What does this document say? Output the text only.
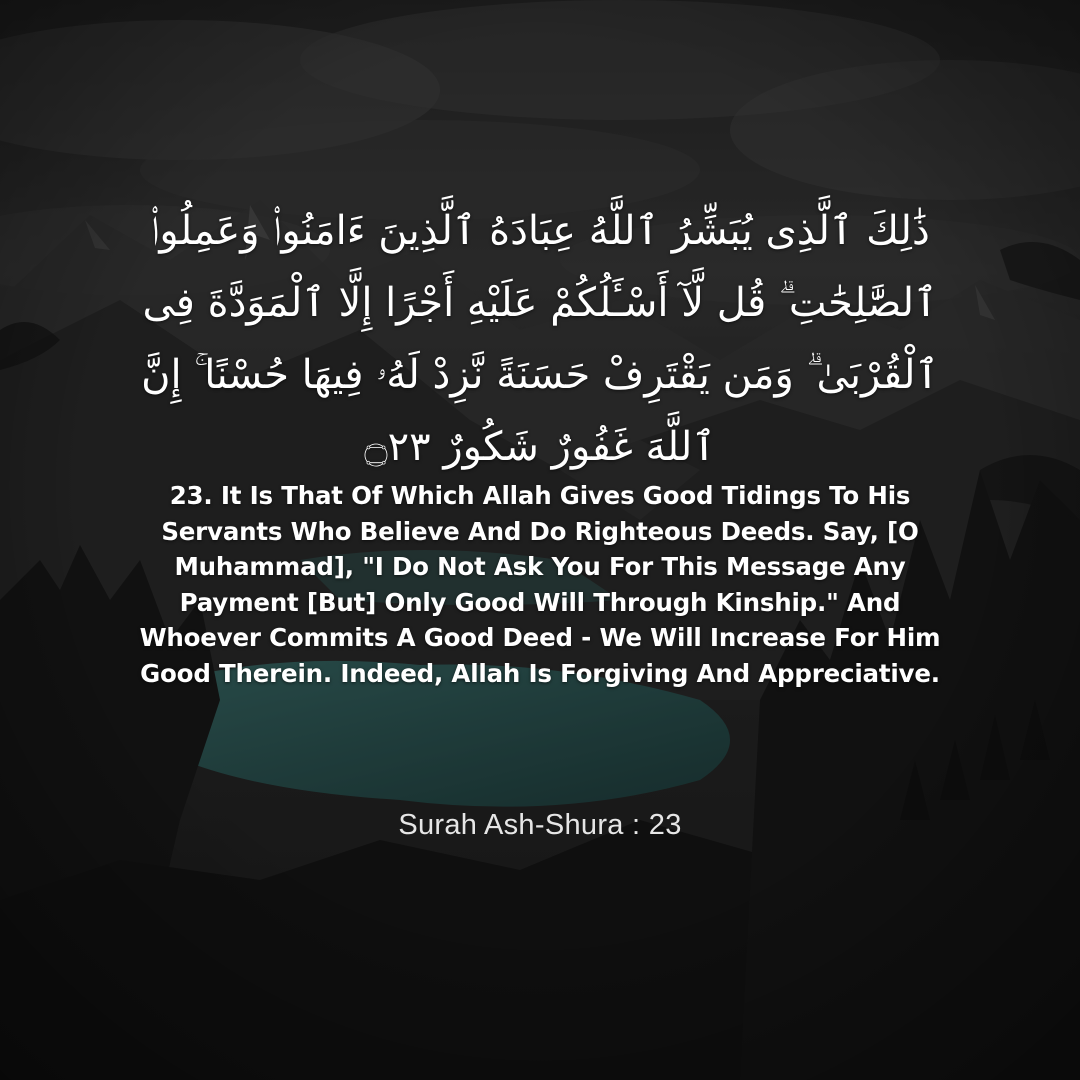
ذَٰلِكَ ٱلَّذِى يُبَشِّرُ ٱللَّهُ عِبَادَهُ ٱلَّذِينَ ءَامَنُوا۟ وَعَمِلُوا۟ ٱلصَّٰلِحَٰتِ ۗ قُل لَّآ أَسْـَٔلُكُمْ عَلَيْهِ أَجْرًا إِلَّا ٱلْمَوَدَّةَ فِى ٱلْقُرْبَىٰ ۗ وَمَن يَقْتَرِفْ حَسَنَةً نَّزِدْ لَهُۥ فِيهَا حُسْنًا ۚ إِنَّ ٱللَّهَ غَفُورٌ شَكُورٌ ۝٢٣
23. It Is That Of Which Allah Gives Good Tidings To His Servants Who Believe And Do Righteous Deeds. Say, [O Muhammad], "I Do Not Ask You For This Message Any Payment [But] Only Good Will Through Kinship." And Whoever Commits A Good Deed - We Will Increase For Him Good Therein. Indeed, Allah Is Forgiving And Appreciative.
Surah Ash-Shura : 23
